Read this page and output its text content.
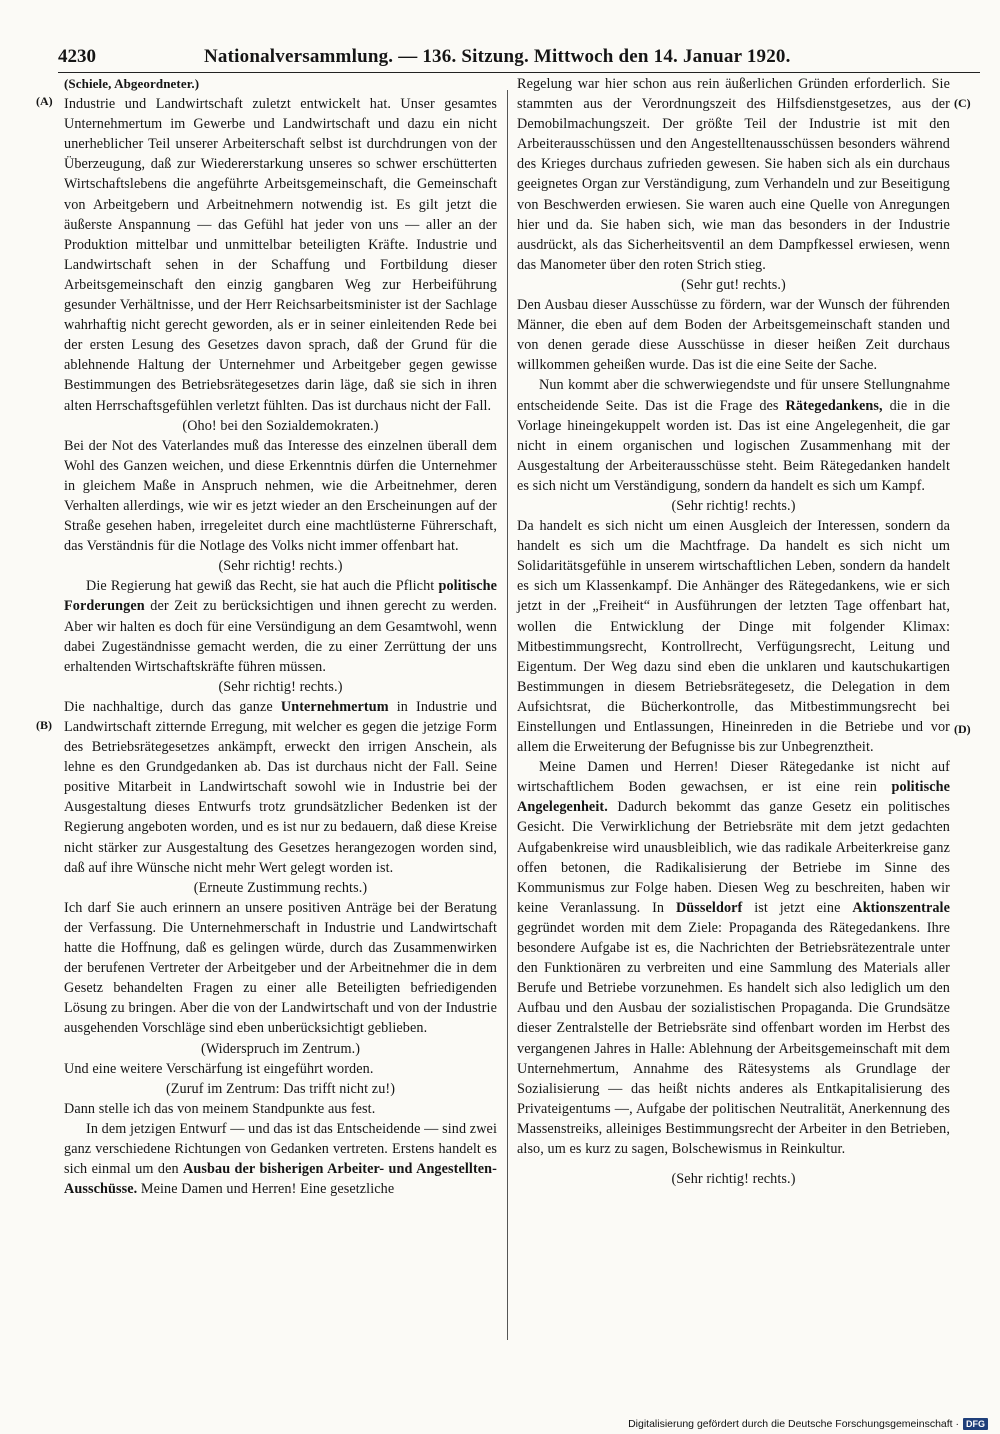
4230	Nationalversammlung. — 136. Sitzung. Mittwoch den 14. Januar 1920.
(A)
(B)
(C)
(D)

(Schiele, Abgeordneter.)

Industrie und Landwirtschaft zuletzt entwickelt hat. Unser gesamtes Unternehmertum im Gewerbe und Landwirtschaft und dazu ein nicht unerheblicher Teil unserer Arbeiterschaft selbst ist durchdrungen von der Überzeugung, daß zur Wiedererstarkung unseres so schwer erschütterten Wirtschaftslebens die angeführte Arbeitsgemeinschaft, die Gemeinschaft von Arbeitgebern und Arbeitnehmern notwendig ist. Es gilt jetzt die äußerste Anspannung — das Gefühl hat jeder von uns — aller an der Produktion mittelbar und unmittelbar beteiligten Kräfte. Industrie und Landwirtschaft sehen in der Schaffung und Fortbildung dieser Arbeitsgemeinschaft den einzig gangbaren Weg zur Herbeiführung gesunder Verhältnisse, und der Herr Reichsarbeitsminister ist der Sachlage wahrhaftig nicht gerecht geworden, als er in seiner einleitenden Rede bei der ersten Lesung des Gesetzes davon sprach, daß der Grund für die ablehnende Haltung der Unternehmer und Arbeitgeber gegen gewisse Bestimmungen des Betriebsrätegesetzes darin läge, daß sie sich in ihren alten Herrschaftsgefühlen verletzt fühlten. Das ist durchaus nicht der Fall.

(Oho! bei den Sozialdemokraten.)

Bei der Not des Vaterlandes muß das Interesse des einzelnen überall dem Wohl des Ganzen weichen, und diese Erkenntnis dürfen die Unternehmer in gleichem Maße in Anspruch nehmen, wie die Arbeitnehmer, deren Verhalten allerdings, wie wir es jetzt wieder an den Erscheinungen auf der Straße gesehen haben, irregeleitet durch eine machtlüsterne Führerschaft, das Verständnis für die Notlage des Volks nicht immer offenbart hat.

(Sehr richtig! rechts.)

Die Regierung hat gewiß das Recht, sie hat auch die Pflicht politische Forderungen der Zeit zu berücksichtigen und ihnen gerecht zu werden. Aber wir halten es doch für eine Versündigung an dem Gesamtwohl, wenn dabei Zugeständnisse gemacht werden, die zu einer Zerrüttung der uns erhaltenden Wirtschaftskräfte führen müssen.

(Sehr richtig! rechts.)

Die nachhaltige, durch das ganze Unternehmertum in Industrie und Landwirtschaft zitternde Erregung, mit welcher es gegen die jetzige Form des Betriebsrätegesetzes ankämpft, erweckt den irrigen Anschein, als lehne es den Grundgedanken ab. Das ist durchaus nicht der Fall. Seine positive Mitarbeit in Landwirtschaft sowohl wie in Industrie bei der Ausgestaltung dieses Entwurfs trotz grundsätzlicher Bedenken ist der Regierung angeboten worden, und es ist nur zu bedauern, daß diese Kreise nicht stärker zur Ausgestaltung des Gesetzes herangezogen worden sind, daß auf ihre Wünsche nicht mehr Wert gelegt worden ist.

(Erneute Zustimmung rechts.)

Ich darf Sie auch erinnern an unsere positiven Anträge bei der Beratung der Verfassung. Die Unternehmerschaft in Industrie und Landwirtschaft hatte die Hoffnung, daß es gelingen würde, durch das Zusammenwirken der berufenen Vertreter der Arbeitgeber und der Arbeitnehmer die in dem Gesetz behandelten Fragen zu einer alle Beteiligten befriedigenden Lösung zu bringen. Aber die von der Landwirtschaft und von der Industrie ausgehenden Vorschläge sind eben unberücksichtigt geblieben.

(Widerspruch im Zentrum.)

Und eine weitere Verschärfung ist eingeführt worden.

(Zuruf im Zentrum: Das trifft nicht zu!)

Dann stelle ich das von meinem Standpunkte aus fest.

In dem jetzigen Entwurf — und das ist das Entscheidende — sind zwei ganz verschiedene Richtungen von Gedanken vertreten. Erstens handelt es sich einmal um den Ausbau der bisherigen Arbeiter- und Angestellten-Ausschüsse. Meine Damen und Herren! Eine gesetzliche

Regelung war hier schon aus rein äußerlichen Gründen erforderlich. Sie stammten aus der Verordnungszeit des Hilfsdienstgesetzes, aus der Demobilmachungszeit. Der größte Teil der Industrie ist mit den Arbeiterausschüssen und den Angestelltenausschüssen besonders während des Krieges durchaus zufrieden gewesen. Sie haben sich als ein durchaus geeignetes Organ zur Verständigung, zum Verhandeln und zur Beseitigung von Beschwerden erwiesen. Sie waren auch eine Quelle von Anregungen hier und da. Sie haben sich, wie man das besonders in der Industrie ausdrückt, als das Sicherheitsventil an dem Dampfkessel erwiesen, wenn das Manometer über den roten Strich stieg.

(Sehr gut! rechts.)

Den Ausbau dieser Ausschüsse zu fördern, war der Wunsch der führenden Männer, die eben auf dem Boden der Arbeitsgemeinschaft standen und von denen gerade diese Ausschüsse in dieser heißen Zeit durchaus willkommen geheißen wurde. Das ist die eine Seite der Sache.

Nun kommt aber die schwerwiegendste und für unsere Stellungnahme entscheidende Seite. Das ist die Frage des Rätegedankens, die in die Vorlage hineingekuppelt worden ist. Das ist eine Angelegenheit, die gar nicht in einem organischen und logischen Zusammenhang mit der Ausgestaltung der Arbeiterausschüsse steht. Beim Rätegedanken handelt es sich nicht um Verständigung, sondern da handelt es sich um Kampf.

(Sehr richtig! rechts.)

Da handelt es sich nicht um einen Ausgleich der Interessen, sondern da handelt es sich um die Machtfrage. Da handelt es sich nicht um Solidaritätsgefühle in unserem wirtschaftlichen Leben, sondern da handelt es sich um Klassenkampf. Die Anhänger des Rätegedankens, wie er sich jetzt in der „Freiheit“ in Ausführungen der letzten Tage offenbart hat, wollen die Entwicklung der Dinge mit folgender Klimax: Mitbestimmungsrecht, Kontrollrecht, Verfügungsrecht, Leitung und Eigentum. Der Weg dazu sind eben die unklaren und kautschukartigen Bestimmungen in diesem Betriebsrätegesetz, die Delegation in dem Aufsichtsrat, die Bücherkontrolle, das Mitbestimmungsrecht bei Einstellungen und Entlassungen, Hineinreden in die Betriebe und vor allem die Erweiterung der Befugnisse bis zur Unbegrenztheit.

Meine Damen und Herren! Dieser Rätegedanke ist nicht auf wirtschaftlichem Boden gewachsen, er ist eine rein politische Angelegenheit. Dadurch bekommt das ganze Gesetz ein politisches Gesicht. Die Verwirklichung der Betriebsräte mit dem jetzt gedachten Aufgabenkreise wird unausbleiblich, wie das radikale Arbeiterkreise ganz offen betonen, die Radikalisierung der Betriebe im Sinne des Kommunismus zur Folge haben. Diesen Weg zu beschreiten, haben wir keine Veranlassung. In Düsseldorf ist jetzt eine Aktionszentrale gegründet worden mit dem Ziele: Propaganda des Rätegedankens. Ihre besondere Aufgabe ist es, die Nachrichten der Betriebsrätezentrale unter den Funktionären zu verbreiten und eine Sammlung des Materials aller Berufe und Betriebe vorzunehmen. Es handelt sich also lediglich um den Aufbau und den Ausbau der sozialistischen Propaganda. Die Grundsätze dieser Zentralstelle der Betriebsräte sind offenbart worden im Herbst des vergangenen Jahres in Halle: Ablehnung der Arbeitsgemeinschaft mit dem Unternehmertum, Annahme des Rätesystems als Grundlage der Sozialisierung — das heißt nichts anderes als Entkapitalisierung des Privateigentums —, Aufgabe der politischen Neutralität, Anerkennung des Massenstreiks, alleiniges Bestimmungsrecht der Arbeiter in den Betrieben, also, um es kurz zu sagen, Bolschewismus in Reinkultur.

(Sehr richtig! rechts.)

Digitalisierung gefördert durch die Deutsche Forschungsgemeinschaft · DFG
